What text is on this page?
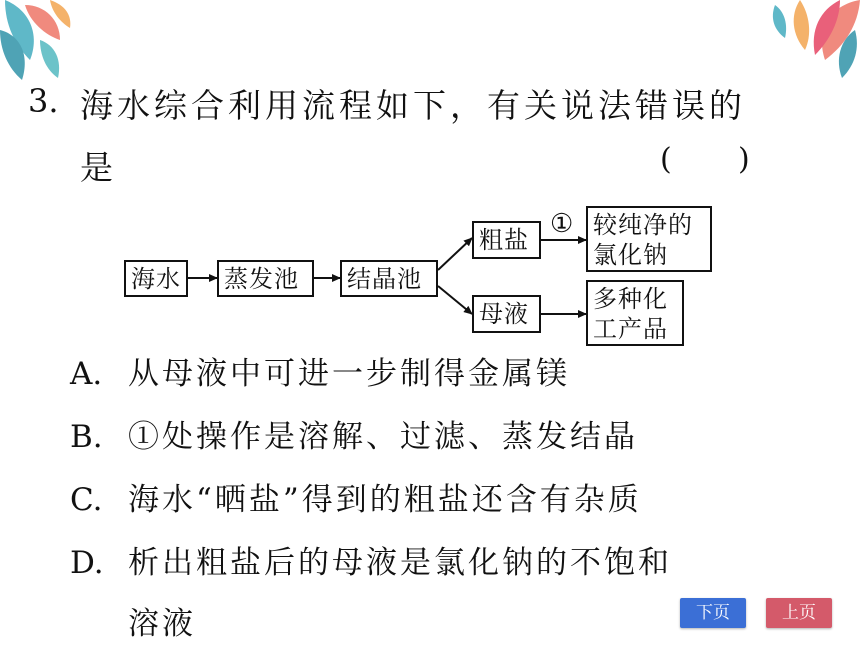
3. 海水综合利用流程如下，有关说法错误的
是	( )
海水 蒸发池	结晶池
粗盐
母液
① 较纯净的
氯化钠
多种化
工产品
A. 从母液中可进一步制得金属镁
B. ①处操作是溶解、过滤、蒸发结晶
C. 海水“晒盐”得到的粗盐还含有杂质
D. 析出粗盐后的母液是氯化钠的不饱和
溶液	下页	上页
